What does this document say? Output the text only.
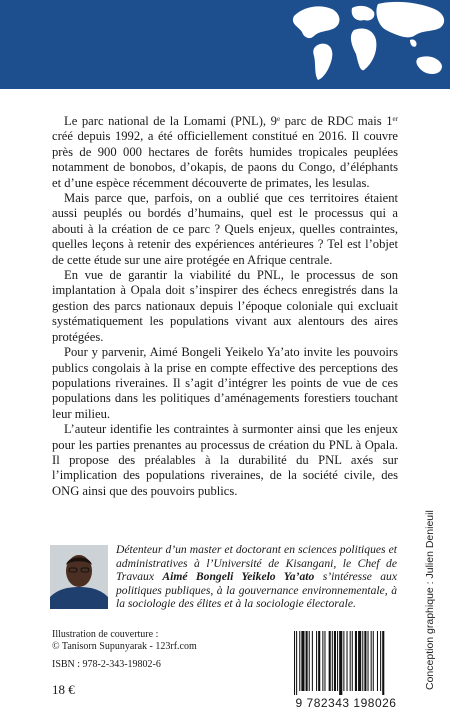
Le parc national de la Lomami (PNL), 9e parc de RDC mais 1er créé depuis 1992, a été officiellement constitué en 2016. Il couvre près de 900 000 hectares de forêts humides tropicales peuplées notamment de bonobos, d’okapis, de paons du Congo, d’éléphants et d’une espèce récemment découverte de primates, les lesulas.

Mais parce que, parfois, on a oublié que ces territoires étaient aussi peuplés ou bordés d’humains, quel est le processus qui a abouti à la création de ce parc ? Quels enjeux, quelles contraintes, quelles leçons à retenir des expériences antérieures ? Tel est l’objet de cette étude sur une aire protégée en Afrique centrale.

En vue de garantir la viabilité du PNL, le processus de son implantation à Opala doit s’inspirer des échecs enregistrés dans la gestion des parcs nationaux depuis l’époque coloniale qui excluait systématiquement les populations vivant aux alentours des aires protégées.

Pour y parvenir, Aimé Bongeli Yeikelo Ya’ato invite les pouvoirs publics congolais à la prise en compte effective des perceptions des populations riveraines. Il s’agit d’intégrer les points de vue de ces populations dans les politiques d’aménagements forestiers touchant leur milieu.

L’auteur identifie les contraintes à surmonter ainsi que les enjeux pour les parties prenantes au processus de création du PNL à Opala. Il propose des préalables à la durabilité du PNL axés sur l’implication des populations riveraines, de la société civile, des ONG ainsi que des pouvoirs publics.

Détenteur d’un master et doctorant en sciences politiques et administratives à l’Université de Kisangani, le Chef de Travaux Aimé Bongeli Yeikelo Ya’ato s’intéresse aux politiques publiques, à la gouvernance environnementale, à la sociologie des élites et à la sociologie électorale.
Illustration de couverture :
© Tanisorn Supunyarak - 123rf.com
ISBN : 978-2-343-19802-6
18 €
9 782343 198026
Conception graphique : Julien Denieuil
